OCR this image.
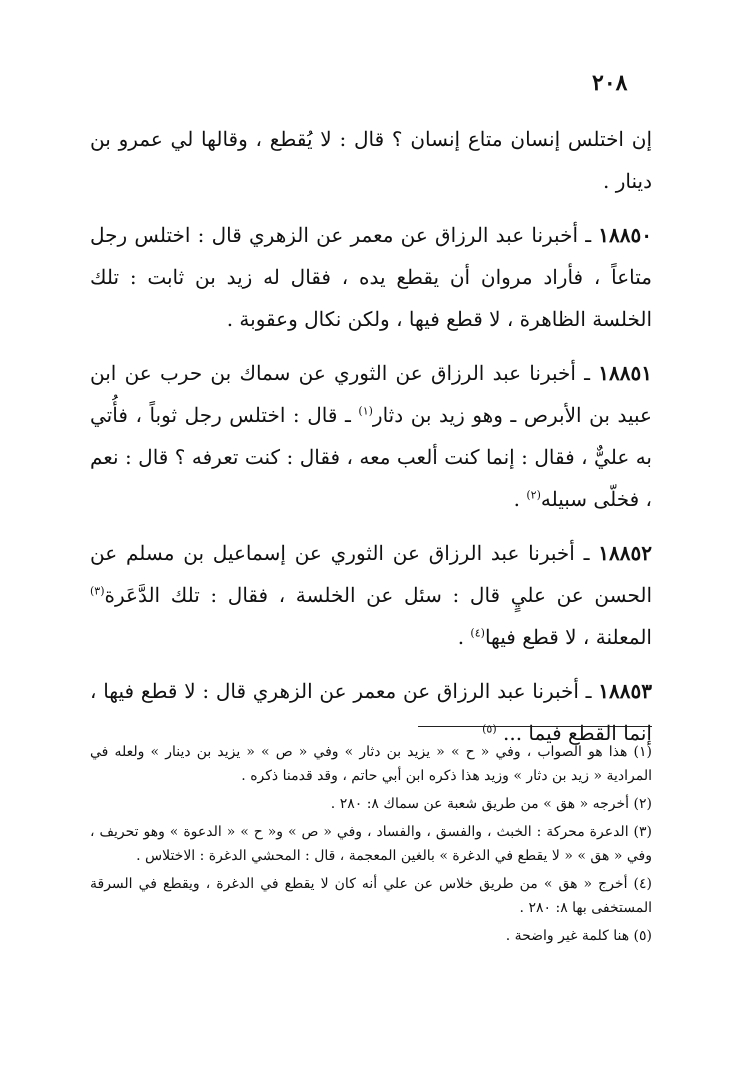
٢٠٨

إن اختلس إنسان متاع إنسان ؟ قال : لا يُقطع ، وقالها لي عمرو بن دينار .

١٨٨٥٠ ـ أخبرنا عبد الرزاق عن معمر عن الزهري قال : اختلس رجل متاعاً ، فأراد مروان أن يقطع يده ، فقال له زيد بن ثابت : تلك الخلسة الظاهرة ، لا قطع فيها ، ولكن نكال وعقوبة .

١٨٨٥١ ـ أخبرنا عبد الرزاق عن الثوري عن سماك بن حرب عن ابن عبيد بن الأبرص ـ وهو زيد بن دثار$^{(١)}$ ـ قال : اختلس رجل ثوباً ، فأُتي به عليٌّ ، فقال : إنما كنت ألعب معه ، فقال : كنت تعرفه ؟ قال : نعم ، فخلّى سبيله$^{(٢)}$ .

١٨٨٥٢ ـ أخبرنا عبد الرزاق عن الثوري عن إسماعيل بن مسلم عن الحسن عن عليٍ قال : سئل عن الخلسة ، فقال : تلك الدَّعَرة$^{(٣)}$ المعلنة ، لا قطع فيها$^{(٤)}$ .

١٨٨٥٣ ـ أخبرنا عبد الرزاق عن معمر عن الزهري قال : لا قطع فيها ، إنما القطع فيما ... $^{(٥)}$

(١) هذا هو الصواب ، وفي « ح » « يزيد بن دثار » وفي « ص » « يزيد بن دينار » ولعله في المرادية « زيد بن دثار » وزيد هذا ذكره ابن أبي حاتم ، وقد قدمنا ذكره .

(٢) أخرجه « هق » من طريق شعبة عن سماك ٨: ٢٨٠ .

(٣) الدعرة محركة : الخبث ، والفسق ، والفساد ، وفي « ص » و« ح » « الدعوة » وهو تحريف ، وفي « هق » « لا يقطع في الدغرة » بالغين المعجمة ، قال : المحشي الدغرة : الاختلاس .

(٤) أخرج « هق » من طريق خلاس عن علي أنه كان لا يقطع في الدغرة ، ويقطع في السرقة المستخفى بها ٨: ٢٨٠ .

(٥) هنا كلمة غير واضحة .
